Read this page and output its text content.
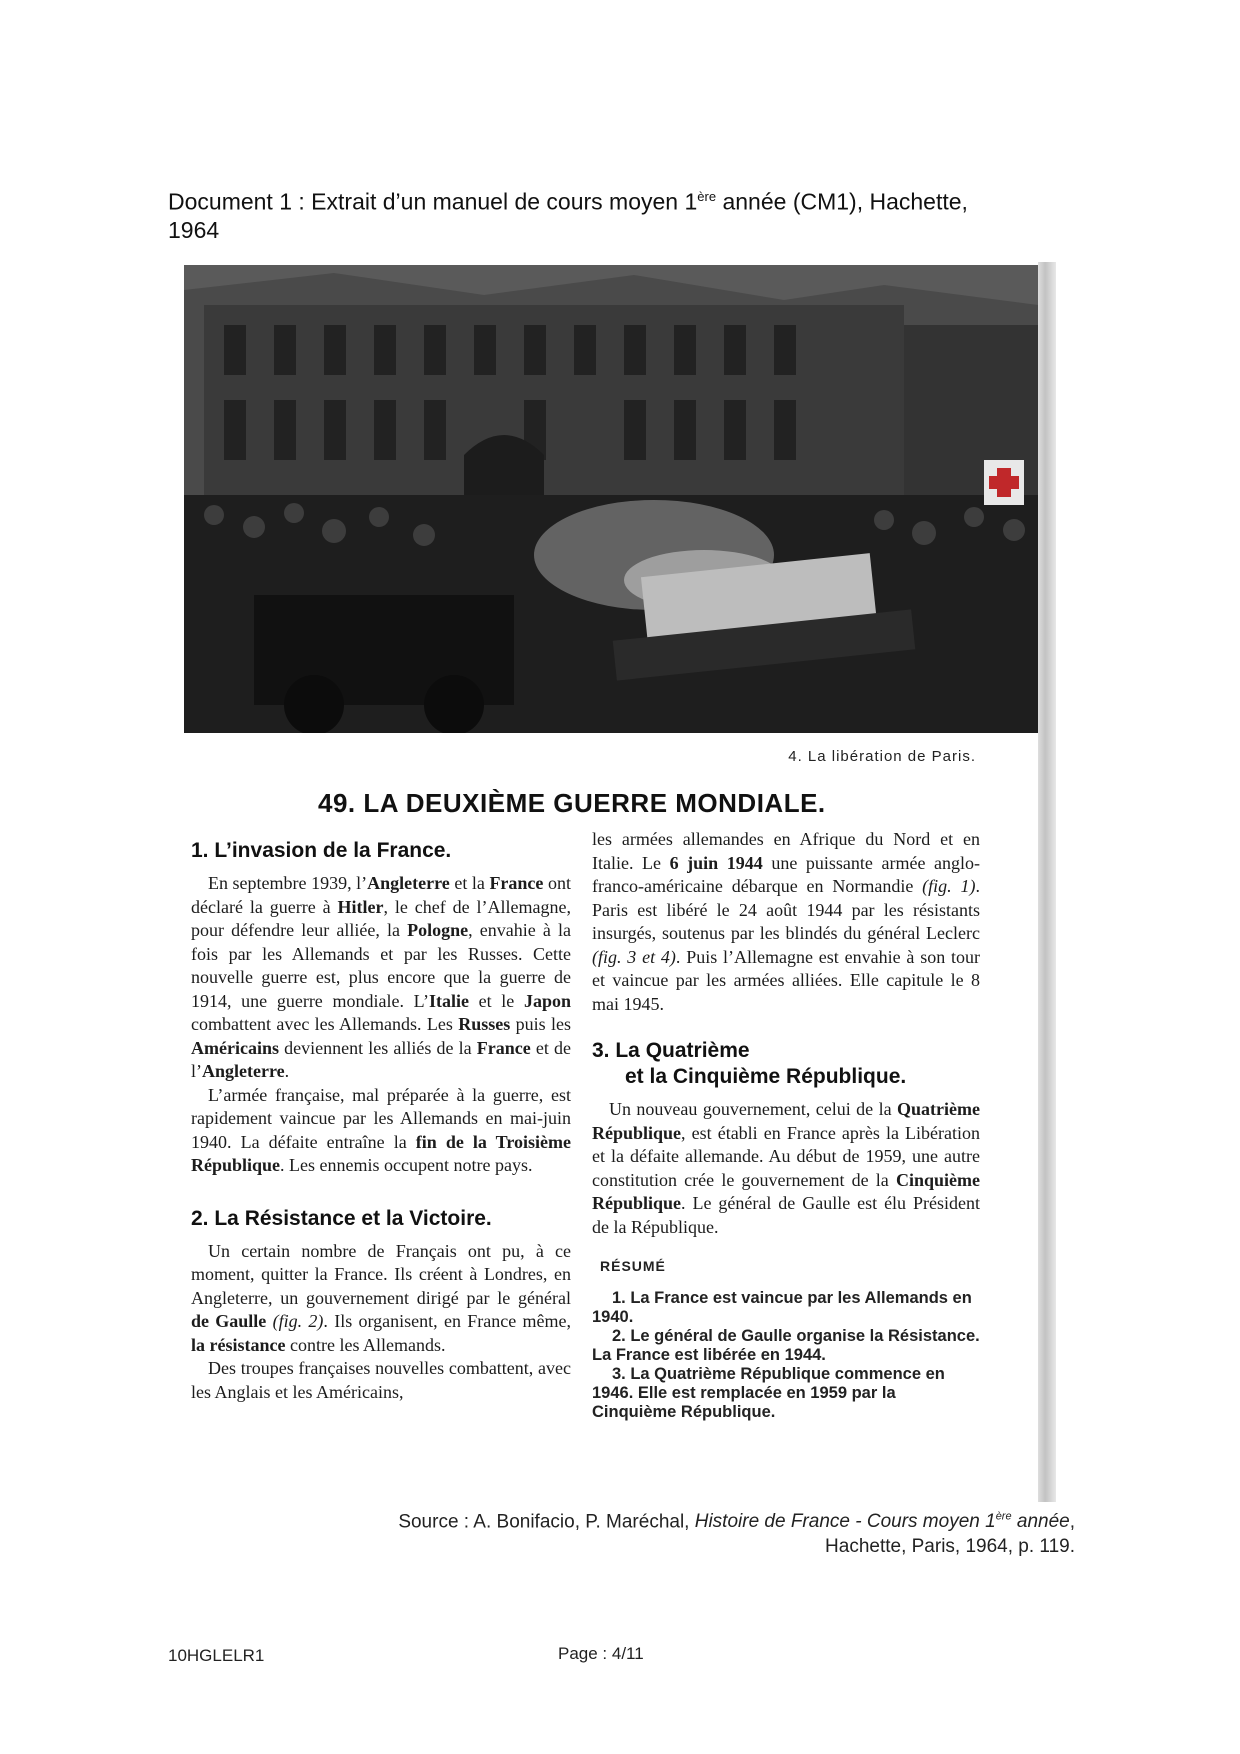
Document 1 : Extrait d’un manuel de cours moyen 1ère année (CM1), Hachette,
1964
4. La libération de Paris.
49. LA DEUXIÈME GUERRE MONDIALE.
1. L’invasion de la France.

En septembre 1939, l’Angleterre et la France ont déclaré la guerre à Hitler, le chef de l’Allemagne, pour défendre leur alliée, la Pologne, envahie à la fois par les Allemands et par les Russes. Cette nouvelle guerre est, plus encore que la guerre de 1914, une guerre mondiale. L’Italie et le Japon combattent avec les Allemands. Les Russes puis les Américains deviennent les alliés de la France et de l’Angleterre.

L’armée française, mal préparée à la guerre, est rapidement vaincue par les Allemands en mai-juin 1940. La défaite entraîne la fin de la Troisième République. Les ennemis occupent notre pays.

2. La Résistance et la Victoire.

Un certain nombre de Français ont pu, à ce moment, quitter la France. Ils créent à Londres, en Angleterre, un gouvernement dirigé par le général de Gaulle (fig. 2). Ils organisent, en France même, la résistance contre les Allemands.

Des troupes françaises nouvelles combattent, avec les Anglais et les Américains,

les armées allemandes en Afrique du Nord et en Italie. Le 6 juin 1944 une puissante armée anglo-franco-américaine débarque en Normandie (fig. 1). Paris est libéré le 24 août 1944 par les résistants insurgés, soutenus par les blindés du général Leclerc (fig. 3 et 4). Puis l’Allemagne est envahie à son tour et vaincue par les armées alliées. Elle capitule le 8 mai 1945.

3. La Quatrième
et la Cinquième République.

Un nouveau gouvernement, celui de la Quatrième République, est établi en France après la Libération et la défaite allemande. Au début de 1959, une autre constitution crée le gouvernement de la Cinquième République. Le général de Gaulle est élu Président de la République.

RÉSUMÉ
1. La France est vaincue par les Allemands en 1940.
2. Le général de Gaulle organise la Résistance. La France est libérée en 1944.
3. La Quatrième République commence en 1946. Elle est remplacée en 1959 par la Cinquième République.
Source : A. Bonifacio, P. Maréchal, Histoire de France - Cours moyen 1ère année,
Hachette, Paris, 1964, p. 119.
10HGLELR1	Page : 4/11
